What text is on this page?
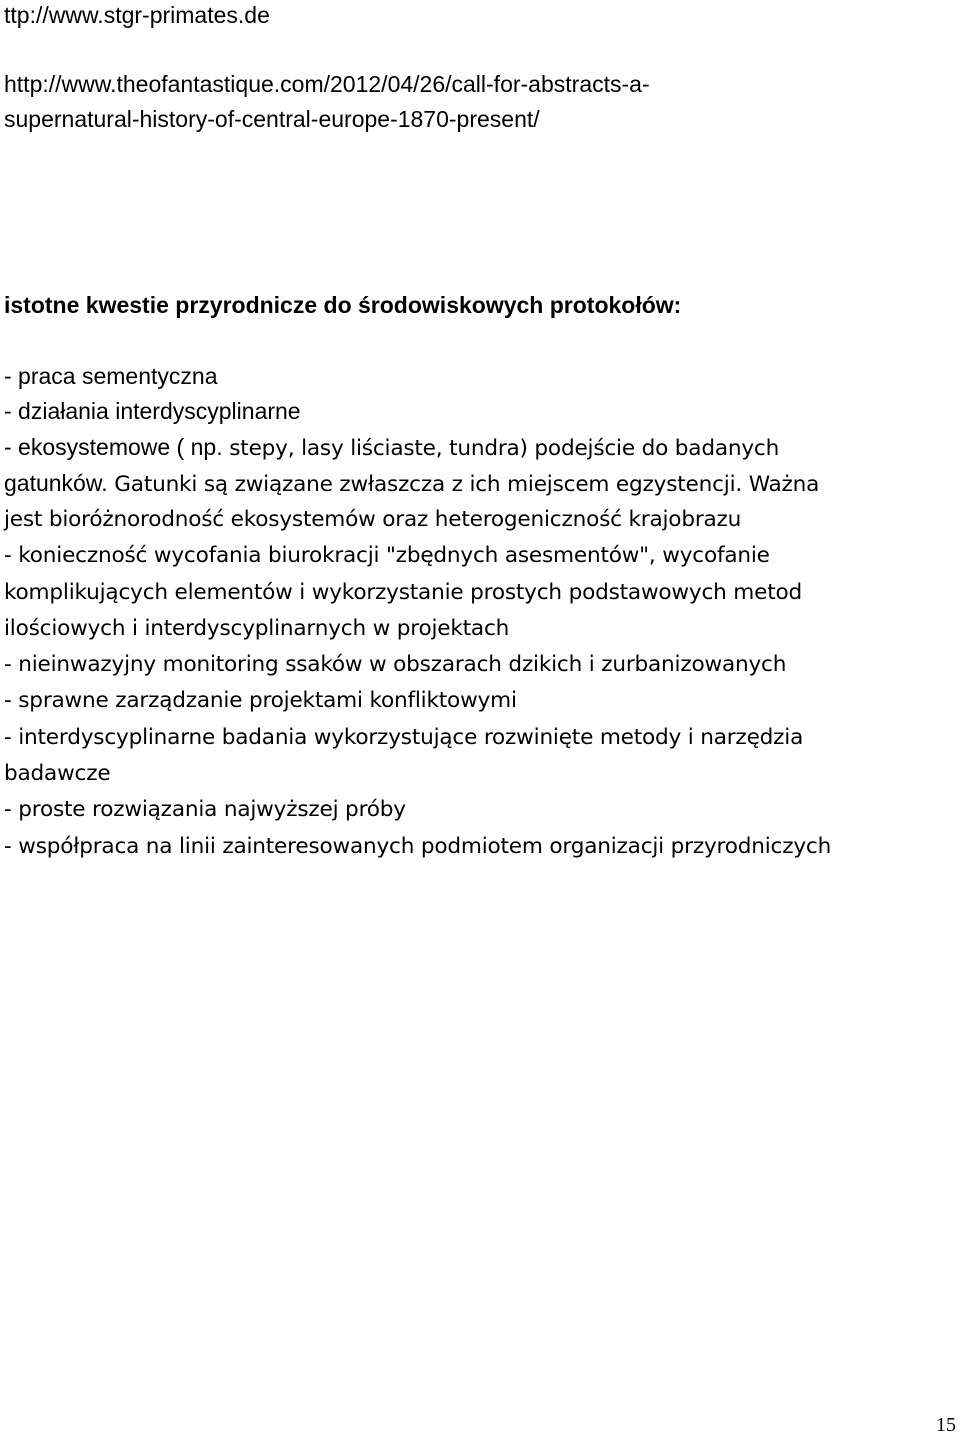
ttp://www.stgr-primates.de
http://www.theofantastique.com/2012/04/26/call-for-abstracts-a-
supernatural-history-of-central-europe-1870-present/
istotne kwestie przyrodnicze do środowiskowych protokołów:
- praca sementyczna
- działania interdyscyplinarne
- ekosystemowe ( np. stepy, lasy liściaste, tundra) podejście do badanych
gatunków. Gatunki są związane zwłaszcza z ich miejscem egzystencji. Ważna
jest bioróżnorodność ekosystemów oraz heterogeniczność krajobrazu
- konieczność wycofania biurokracji "zbędnych asesmentów", wycofanie
komplikujących elementów i wykorzystanie prostych podstawowych metod
ilościowych i interdyscyplinarnych w projektach
- nieinwazyjny monitoring ssaków w obszarach dzikich i zurbanizowanych
- sprawne zarządzanie projektami konfliktowymi
- interdyscyplinarne badania wykorzystujące rozwinięte metody i narzędzia
badawcze
- proste rozwiązania najwyższej próby
- współpraca na linii zainteresowanych podmiotem organizacji przyrodniczych
15
